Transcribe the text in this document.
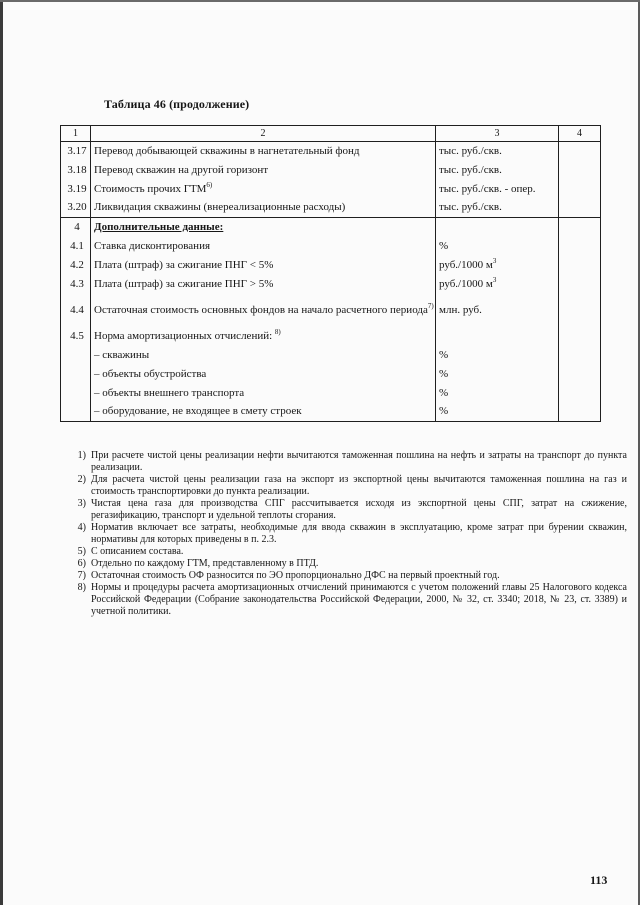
Таблица 46 (продолжение)
1	2	3	4
3.17	Перевод добывающей скважины в нагнетательный фонд	тыс. руб./скв.	
3.18	Перевод скважин на другой горизонт	тыс. руб./скв.	
3.19	Стоимость прочих ГТМ$^{6)}$	тыс. руб./скв. - опер.	
3.20	Ликвидация скважины (внереализационные расходы)	тыс. руб./скв.	
4	Дополнительные данные:		
4.1	Ставка дисконтирования	%	
4.2	Плата (штраф) за сжигание ПНГ < 5%	руб./1000 $м^3$	
4.3	Плата (штраф) за сжигание ПНГ > 5%	руб./1000 $м^3$	
4.4	Остаточная стоимость основных фондов на начало расчетного периода$^{7)}$	млн. руб.	
4.5	Норма амортизационных отчислений: $^{8)}$		
	– скважины	%	
	– объекты обустройства	%	
	– объекты внешнего транспорта	%	
	– оборудование, не входящее в смету строек	%	
1) При расчете чистой цены реализации нефти вычитаются таможенная пошлина на нефть и затраты на транспорт до пункта реализации.
2) Для расчета чистой цены реализации газа на экспорт из экспортной цены вычитаются таможенная пошлина на газ и стоимость транспортировки до пункта реализации.
3) Чистая цена газа для производства СПГ рассчитывается исходя из экспортной цены СПГ, затрат на сжижение, регазификацию, транспорт и удельной теплоты сгорания.
4) Норматив включает все затраты, необходимые для ввода скважин в эксплуатацию, кроме затрат при бурении скважин, нормативы для которых приведены в п. 2.3.
5) С описанием состава.
6) Отдельно по каждому ГТМ, представленному в ПТД.
7) Остаточная стоимость ОФ разносится по ЭО пропорционально ДФС на первый проектный год.
8) Нормы и процедуры расчета амортизационных отчислений принимаются с учетом положений главы 25 Налогового кодекса Российской Федерации (Собрание законодательства Российской Федерации, 2000, № 32, ст. 3340; 2018, № 23, ст. 3389) и учетной политики.
113
